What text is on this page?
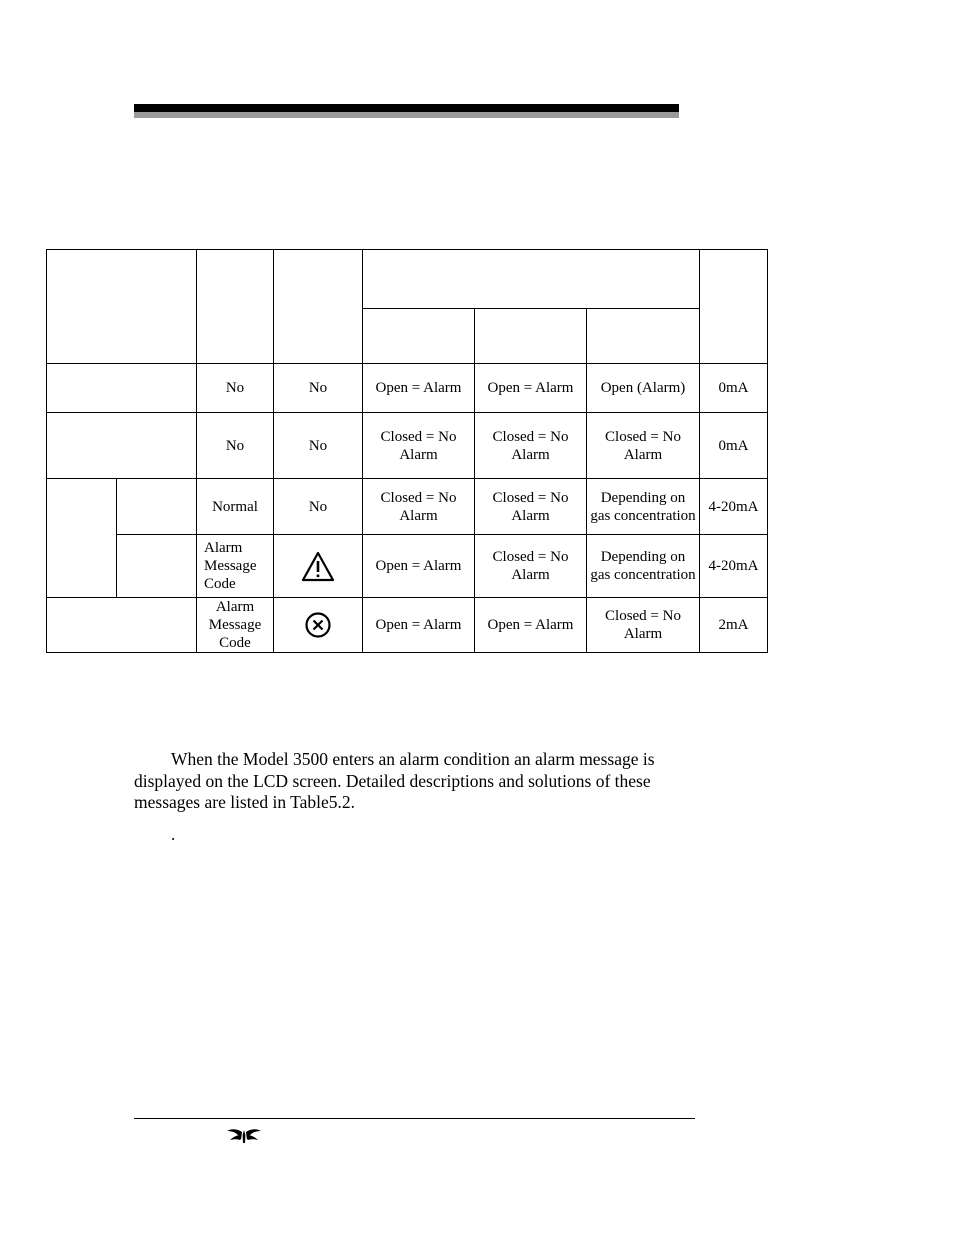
		No	No	Open = Alarm	Open = Alarm	Open (Alarm)	0mA
		No	No	Closed = No Alarm	Closed = No Alarm	Closed = No Alarm	0mA
		Normal	No	Closed = No Alarm	Closed = No Alarm	Depending on gas concentration	4-20mA
		Alarm Message Code		Open = Alarm	Closed = No Alarm	Depending on gas concentration	4-20mA
		Alarm Message Code		Open = Alarm	Open = Alarm	Closed = No Alarm	2mA
When the Model 3500 enters an alarm condition an alarm message is displayed on the LCD screen. Detailed descriptions and solutions of these messages are listed in Table5.2.
.
